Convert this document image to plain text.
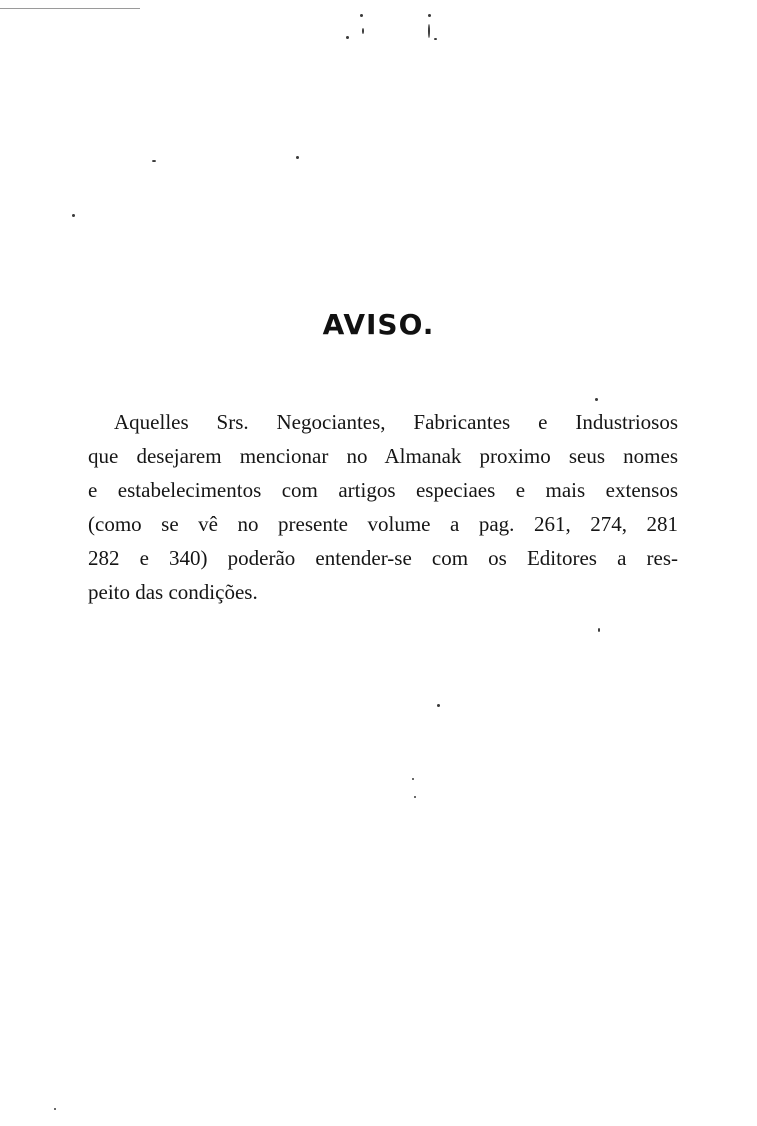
AVISO.
Aquelles Srs. Negociantes, Fabricantes e Industriosos
que desejarem mencionar no Almanak proximo seus nomes
e estabelecimentos com artigos especiaes e mais extensos
(como se vê no presente volume a pag. 261, 274, 281
282 e 340) poderão entender-se com os Editores a res-
peito das condições.
